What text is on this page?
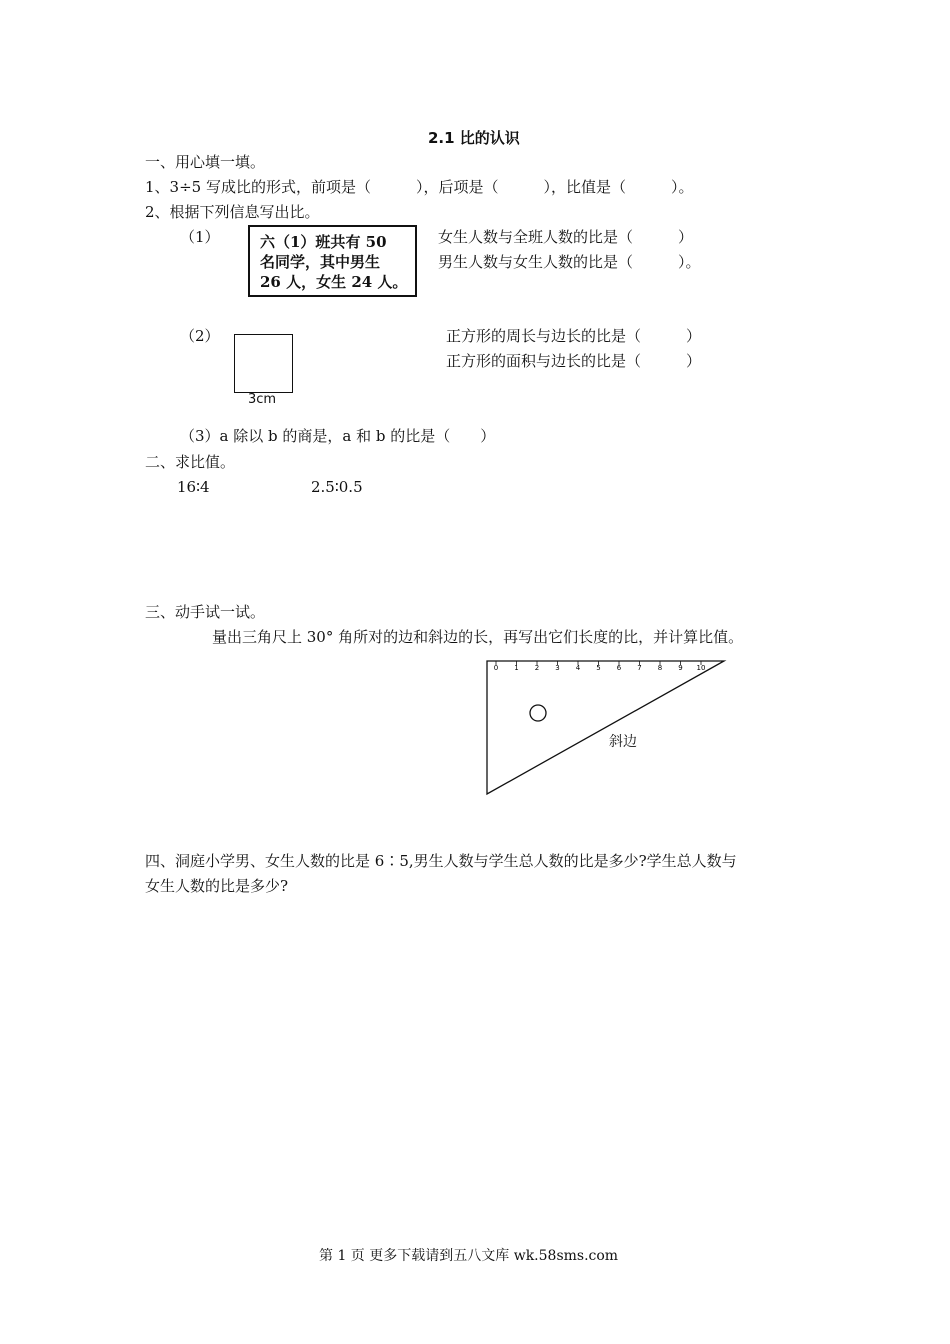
2.1 比的认识
一、用心填一填。
1、3÷5 写成比的形式，前项是（　　　），后项是（　　　），比值是（　　　）。
2、根据下列信息写出比。
（1）	六（1）班共有 50
名同学，其中男生
26 人，女生 24 人。
女生人数与全班人数的比是（　　　）
男生人数与女生人数的比是（　　　）。
（2）
3cm
正方形的周长与边长的比是（　　　）
正方形的面积与边长的比是（　　　）
（3）a 除以 b 的商是，a 和 b 的比是（　　）
二、求比值。
16∶4	2.5∶0.5
三、动手试一试。
量出三角尺上 30° 角所对的边和斜边的长，再写出它们长度的比，并计算比值。
0 1 2 3 4 5 6 7 8 9 10
斜边
四、洞庭小学男、女生人数的比是 6∶5,男生人数与学生总人数的比是多少?学生总人数与
女生人数的比是多少?
第 1 页 更多下载请到五八文库 wk.58sms.com
